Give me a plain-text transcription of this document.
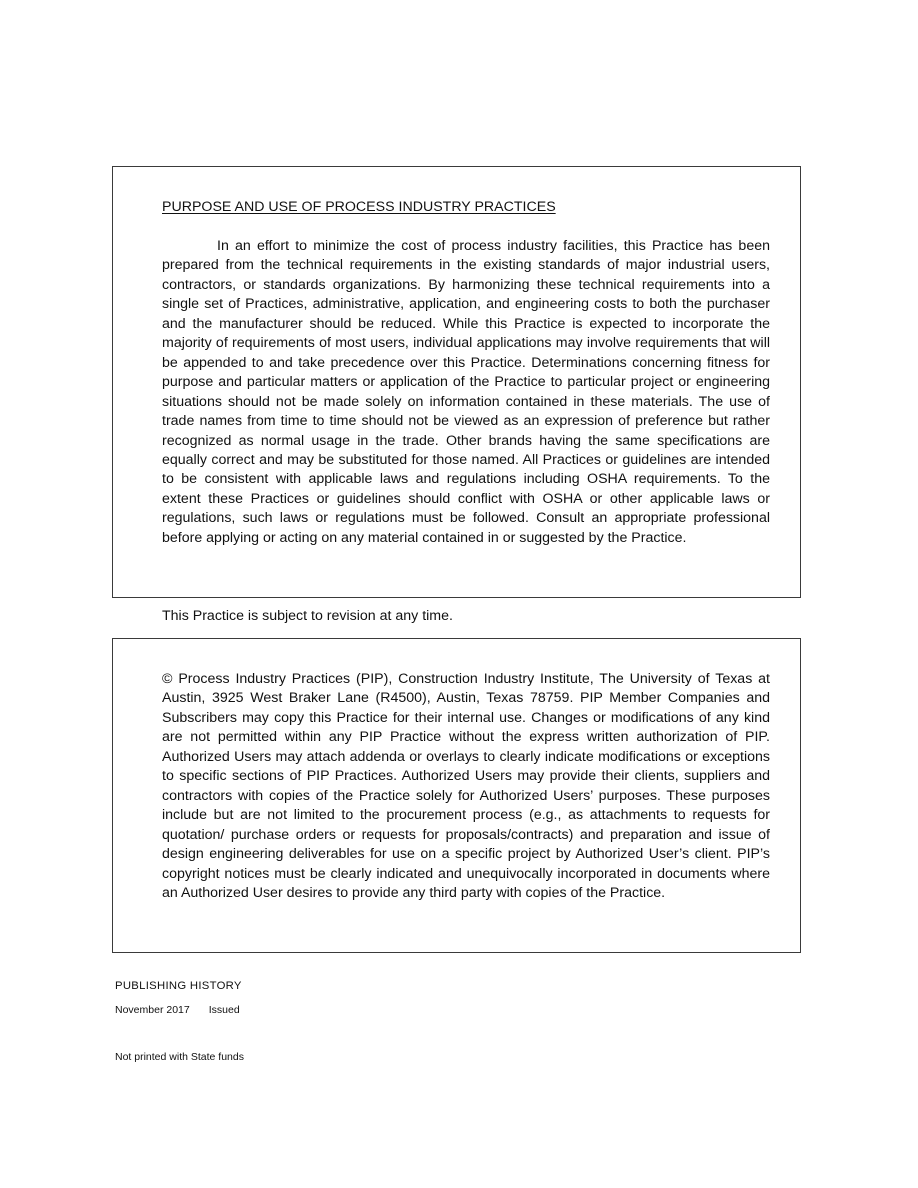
PURPOSE AND USE OF PROCESS INDUSTRY PRACTICES

In an effort to minimize the cost of process industry facilities, this Practice has been prepared from the technical requirements in the existing standards of major industrial users, contractors, or standards organizations. By harmonizing these technical requirements into a single set of Practices, administrative, application, and engineering costs to both the purchaser and the manufacturer should be reduced. While this Practice is expected to incorporate the majority of requirements of most users, individual applications may involve requirements that will be appended to and take precedence over this Practice. Determinations concerning fitness for purpose and particular matters or application of the Practice to particular project or engineering situations should not be made solely on information contained in these materials. The use of trade names from time to time should not be viewed as an expression of preference but rather recognized as normal usage in the trade. Other brands having the same specifications are equally correct and may be substituted for those named. All Practices or guidelines are intended to be consistent with applicable laws and regulations including OSHA requirements. To the extent these Practices or guidelines should conflict with OSHA or other applicable laws or regulations, such laws or regulations must be followed. Consult an appropriate professional before applying or acting on any material contained in or suggested by the Practice.

This Practice is subject to revision at any time.

© Process Industry Practices (PIP), Construction Industry Institute, The University of Texas at Austin, 3925 West Braker Lane (R4500), Austin, Texas 78759. PIP Member Companies and Subscribers may copy this Practice for their internal use. Changes or modifications of any kind are not permitted within any PIP Practice without the express written authorization of PIP. Authorized Users may attach addenda or overlays to clearly indicate modifications or exceptions to specific sections of PIP Practices. Authorized Users may provide their clients, suppliers and contractors with copies of the Practice solely for Authorized Users’ purposes. These purposes include but are not limited to the procurement process (e.g., as attachments to requests for quotation/ purchase orders or requests for proposals/contracts) and preparation and issue of design engineering deliverables for use on a specific project by Authorized User’s client. PIP’s copyright notices must be clearly indicated and unequivocally incorporated in documents where an Authorized User desires to provide any third party with copies of the Practice.

PUBLISHING HISTORY

November 2017 Issued

Not printed with State funds
